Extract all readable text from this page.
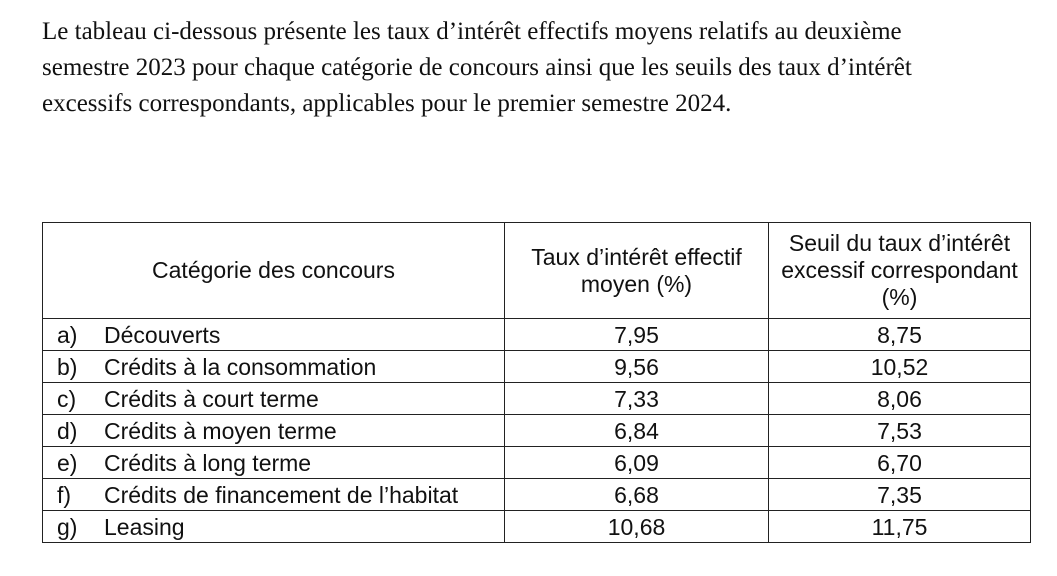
Le tableau ci-dessous présente les taux d’intérêt effectifs moyens relatifs au deuxième semestre 2023 pour chaque catégorie de concours ainsi que les seuils des taux d’intérêt excessifs correspondants, applicables pour le premier semestre 2024.

Catégorie des concours	Taux d’intérêt effectif moyen (%)	Seuil du taux d’intérêt excessif correspondant (%)
a) Découverts	7,95	8,75
b) Crédits à la consommation	9,56	10,52
c) Crédits à court terme	7,33	8,06
d) Crédits à moyen terme	6,84	7,53
e) Crédits à long terme	6,09	6,70
f) Crédits de financement de l’habitat	6,68	7,35
g) Leasing	10,68	11,75
